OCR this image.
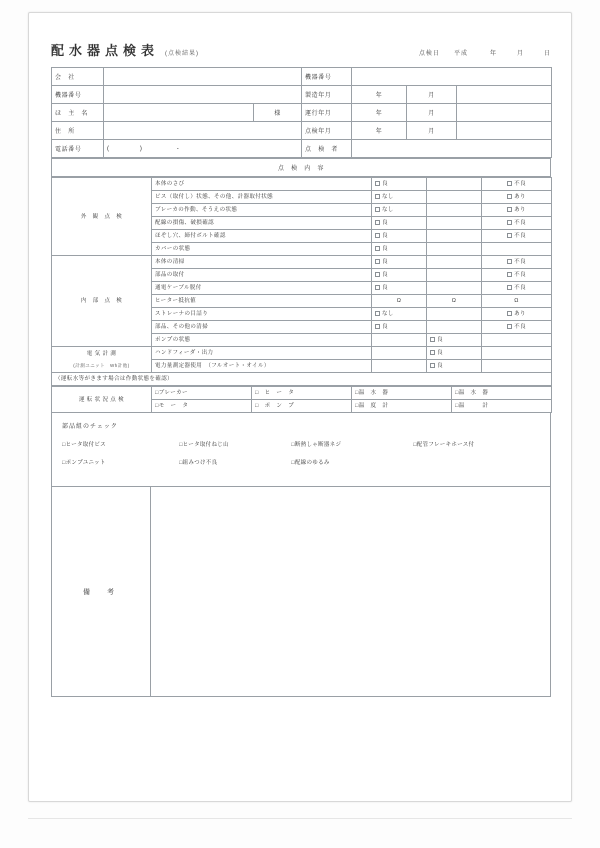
配水器点検表 (点検結果)	点検日 平成	年	月	日
会　社			機器番号			
機器番号			製造年月	年	月	
ほ　主　名		様	運行年月	年	月	
住　所			点検年月	年	月	
電話番号	( ) -		点　検　者			
点　検　内　容
外　観　点　検	本体のさび	良		不良
	ビス（取付し）状態、その他、計器取付状態	なし		あり
	ブレーカの作動、そうえの状態	なし		あり
	配線の損傷、破損確認	良		不良
	ほぞし穴、締付ボルト確認	良		不良
	カバーの状態	良		
内　部　点　検	本体の清掃	良		不良
	部品の取付	良		不良
	通電ケーブル脱付	良		不良
	ヒーター抵抗値	Ω	Ω	Ω
	ストレーナの目詰り	なし		あり
	部品、その他の清掃	良		不良
	ポンプの状態		良	
電 気 計 測
(計測ユニット　Wh計他)	ハンドフィーダ・出力		良	
	電力量測定器使用　（フルオート・オイル）		良	
（運転水等がきます場合は作動状態を確認）				
運 転 状 況 点 検	□ブレーカー	□　ヒ　ー　タ	□温　水　器	□温　水　器
	□モ　ー　タ	□　ポ　ン　プ	□温　度　計	□温　　　計
部品組のチェック
□ヒータ取付ビス	□ヒータ取付ねじ山	□断熱しゃ断器ネジ	□配管フレーキホース付
□ポンプユニット	□組みつけ不良	□配線のゆるみ
備　考
